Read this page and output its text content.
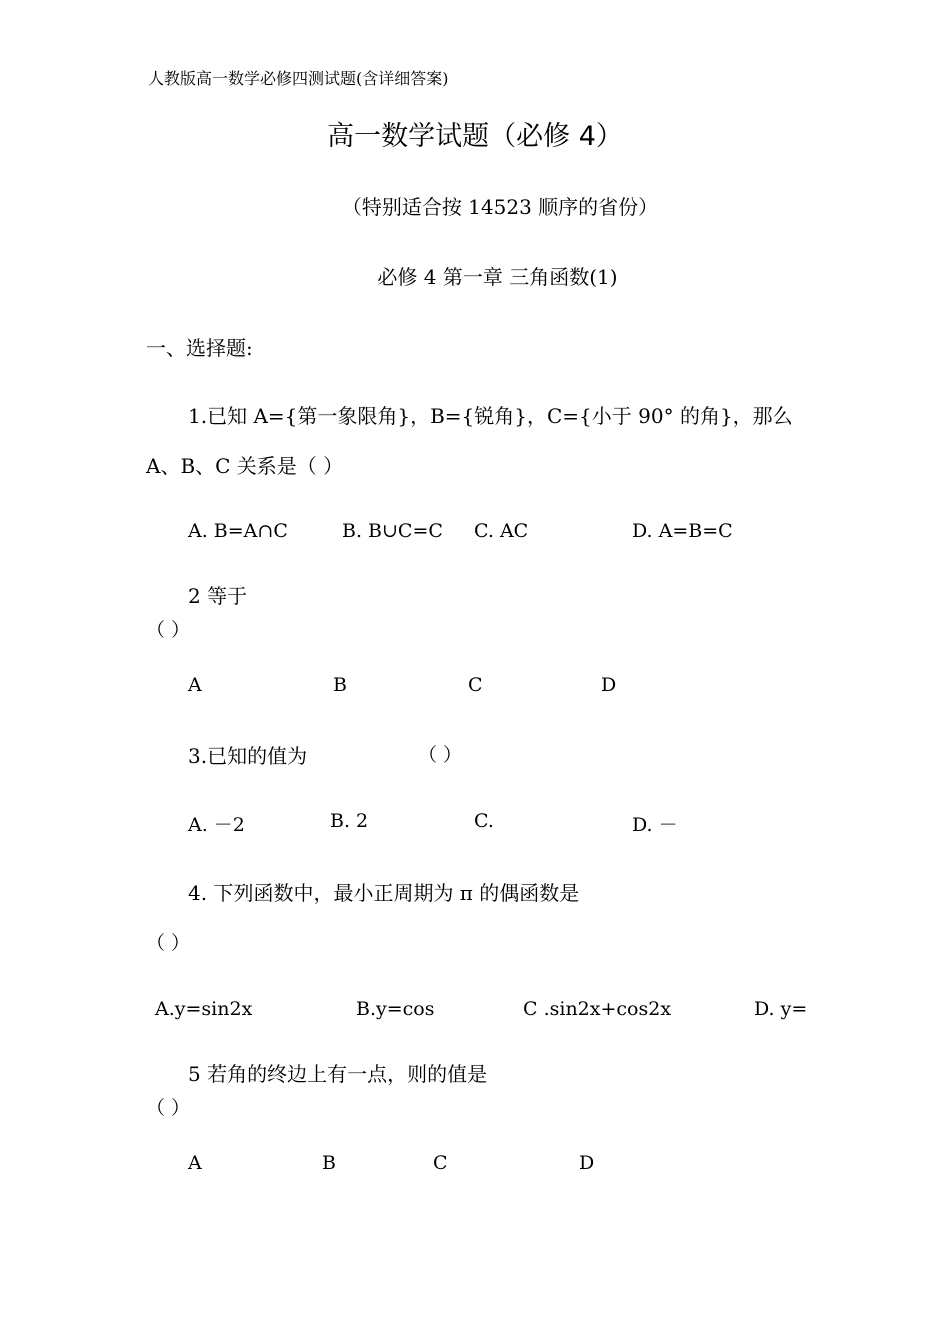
人教版高一数学必修四测试题(含详细答案)
高一数学试题（必修 4）
（特别适合按 14523 顺序的省份）
必修 4 第一章 三角函数(1)
一、选择题:
1.已知 A={第一象限角}，B={锐角}，C={小于 90° 的角}，那么
A、B、C 关系是（ ）
A. B=A∩C	B. B∪C=C C. AC	D. A=B=C
2 等于
（ ）
A	B	C	D
3.已知的值为	（ ）
A. －2	B. 2	C.	D. －
4. 下列函数中，最小正周期为 π 的偶函数是
（ ）
A.y=sin2x	B.y=cos	C .sin2x+cos2x	D. y=
5 若角的终边上有一点，则的值是
（ ）
A	B	C	D
